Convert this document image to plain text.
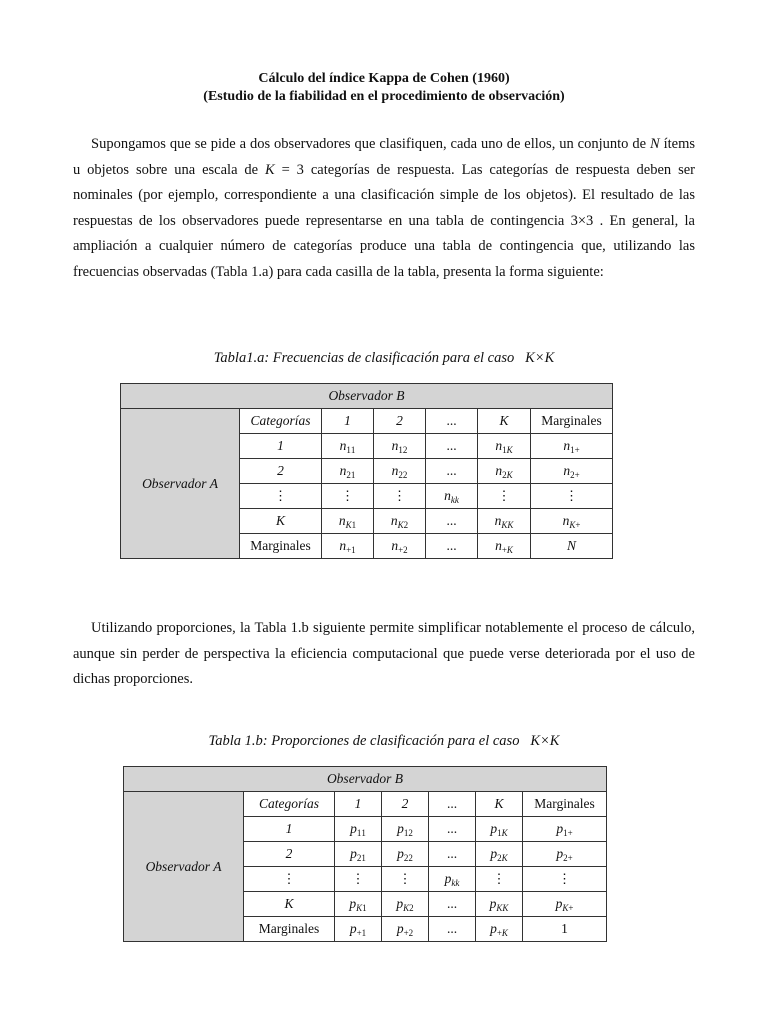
Cálculo del índice Kappa de Cohen (1960)
(Estudio de la fiabilidad en el procedimiento de observación)
Supongamos que se pide a dos observadores que clasifiquen, cada uno de ellos, un conjunto de N ítems u objetos sobre una escala de K = 3 categorías de respuesta. Las categorías de respuesta deben ser nominales (por ejemplo, correspondiente a una clasificación simple de los objetos). El resultado de las respuestas de los observadores puede representarse en una tabla de contingencia 3×3 . En general, la ampliación a cualquier número de categorías produce una tabla de contingencia que, utilizando las frecuencias observadas (Tabla 1.a) para cada casilla de la tabla, presenta la forma siguiente:
Tabla1.a: Frecuencias de clasificación para el caso K×K
Observador B						
Observador A	Categorías	1	2	...	K	Marginales
	1	$n_{11}$	$n_{12}$	...	$n_{1K}$	$n_{1+}$
	2	$n_{21}$	$n_{22}$	...	$n_{2K}$	$n_{2+}$
	⋮	⋮	⋮	$n_{kk}$	⋮	⋮
	K	$n_{K1}$	$n_{K2}$	...	$n_{KK}$	$n_{K+}$
	Marginales	$n_{+1}$	$n_{+2}$	...	$n_{+K}$	N
Utilizando proporciones, la Tabla 1.b siguiente permite simplificar notablemente el proceso de cálculo, aunque sin perder de perspectiva la eficiencia computacional que puede verse deteriorada por el uso de dichas proporciones.
Tabla 1.b: Proporciones de clasificación para el caso K×K
Observador B						
Observador A	Categorías	1	2	...	K	Marginales
	1	$p_{11}$	$p_{12}$	...	$p_{1K}$	$p_{1+}$
	2	$p_{21}$	$p_{22}$	...	$p_{2K}$	$p_{2+}$
	⋮	⋮	⋮	$p_{kk}$	⋮	⋮
	K	$p_{K1}$	$p_{K2}$	...	$p_{KK}$	$p_{K+}$
	Marginales	$p_{+1}$	$p_{+2}$	...	$p_{+K}$	1
